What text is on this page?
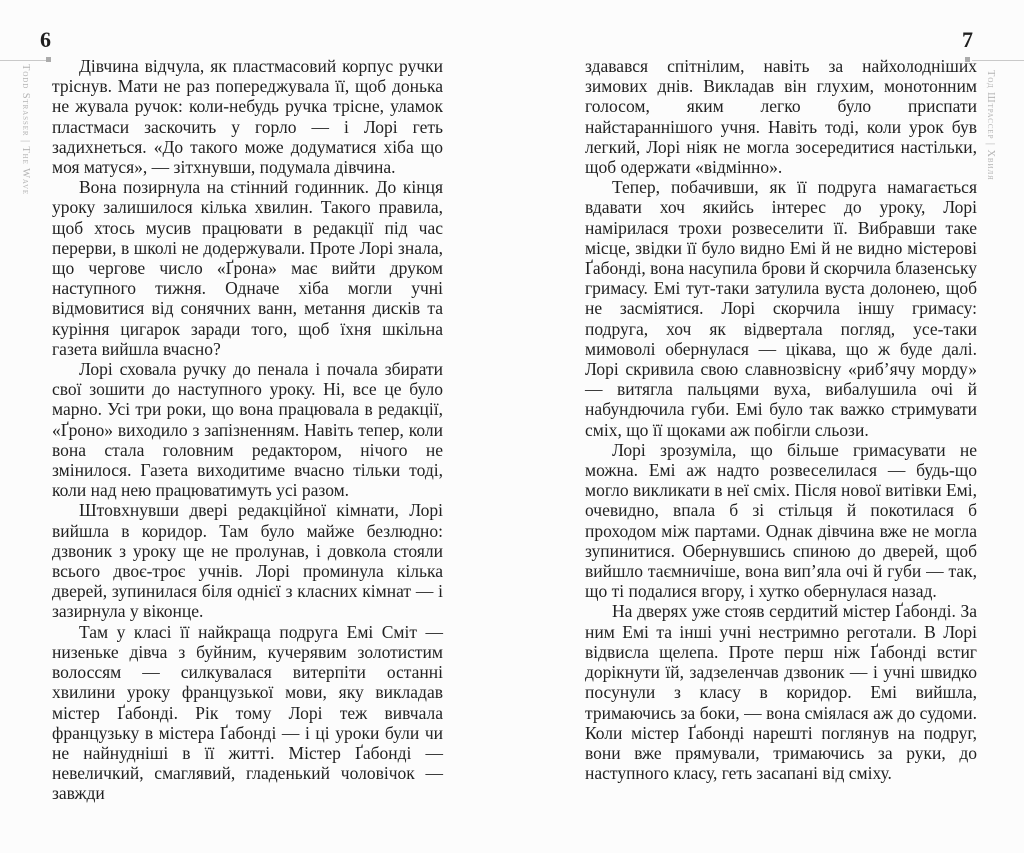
6
Todd Strasser | The Wave	Дівчина відчула, як пластмасовий корпус ручки тріснув. Мати не раз попереджувала її, щоб донька не жувала ручок: коли-небудь ручка трісне, уламок пластмаси заскочить у горло — і Лорі геть задихнеться. «До такого може додуматися хіба що моя матуся», — зітхнувши, подумала дівчина.

Вона позирнула на стінний годинник. До кінця уроку залишилося кілька хвилин. Такого правила, щоб хтось мусив працювати в редакції під час перерви, в школі не додержували. Проте Лорі знала, що чергове число «Ґрона» має вийти друком наступного тижня. Одначе хіба могли учні відмовитися від сонячних ванн, метання дисків та куріння цигарок заради того, щоб їхня шкільна газета вийшла вчасно?

Лорі сховала ручку до пенала і почала збирати свої зошити до наступного уроку. Ні, все це було марно. Усі три роки, що вона працювала в редакції, «Ґроно» виходило з запізненням. Навіть тепер, коли вона стала головним редактором, нічого не змінилося. Газета виходитиме вчасно тільки тоді, коли над нею працюватимуть усі разом.

Штовхнувши двері редакційної кімнати, Лорі вийшла в коридор. Там було майже безлюдно: дзвоник з уроку ще не пролунав, і довкола стояли всього двоє-троє учнів. Лорі проминула кілька дверей, зупинилася біля однієї з класних кімнат — і зазирнула у віконце.

Там у класі її найкраща подруга Емі Сміт — низеньке дівча з буйним, кучерявим золотистим волоссям — силкувалася витерпіти останні хвилини уроку французької мови, яку викладав містер Ґабонді. Рік тому Лорі теж вивчала французьку в містера Ґабонді — і ці уроки були чи не найнудніші в її житті. Містер Ґабонді — невеличкий, смаглявий, гладенький чоловічок — завжди

7
Тод Штрассер | Хвиля

здавався спітнілим, навіть за найхолодніших зимових днів. Викладав він глухим, монотонним голосом, яким легко було приспати найстараннішого учня. Навіть тоді, коли урок був легкий, Лорі ніяк не могла зосередитися настільки, щоб одержати «відмінно».

Тепер, побачивши, як її подруга намагається вдавати хоч якийсь інтерес до уроку, Лорі намірилася трохи розвеселити її. Вибравши таке місце, звідки її було видно Емі й не видно містерові Ґабонді, вона насупила брови й скорчила блазенську гримасу. Емі тут-таки затулила вуста долонею, щоб не засміятися. Лорі скорчила іншу гримасу: подруга, хоч як відвертала погляд, усе-таки мимоволі обернулася — цікава, що ж буде далі. Лорі скривила свою славнозвісну «риб’ячу морду» — витягла пальцями вуха, вибалушила очі й набундючила губи. Емі було так важко стримувати сміх, що її щоками аж побігли сльози.

Лорі зрозуміла, що більше гримасувати не можна. Емі аж надто розвеселилася — будь-що могло викликати в неї сміх. Після нової витівки Емі, очевидно, впала б зі стільця й покотилася б проходом між партами. Однак дівчина вже не могла зупинитися. Обернувшись спиною до дверей, щоб вийшло таємничіше, вона вип’яла очі й губи — так, що ті подалися вгору, і хутко обернулася назад.

На дверях уже стояв сердитий містер Ґабонді. За ним Емі та інші учні нестримно реготали. В Лорі відвисла щелепа. Проте перш ніж Ґабонді встиг дорікнути їй, задзеленчав дзвоник — і учні швидко посунули з класу в коридор. Емі вийшла, тримаючись за боки, — вона сміялася аж до судоми. Коли містер Ґабонді нарешті поглянув на подруг, вони вже прямували, тримаючись за руки, до наступного класу, геть засапані від сміху.
